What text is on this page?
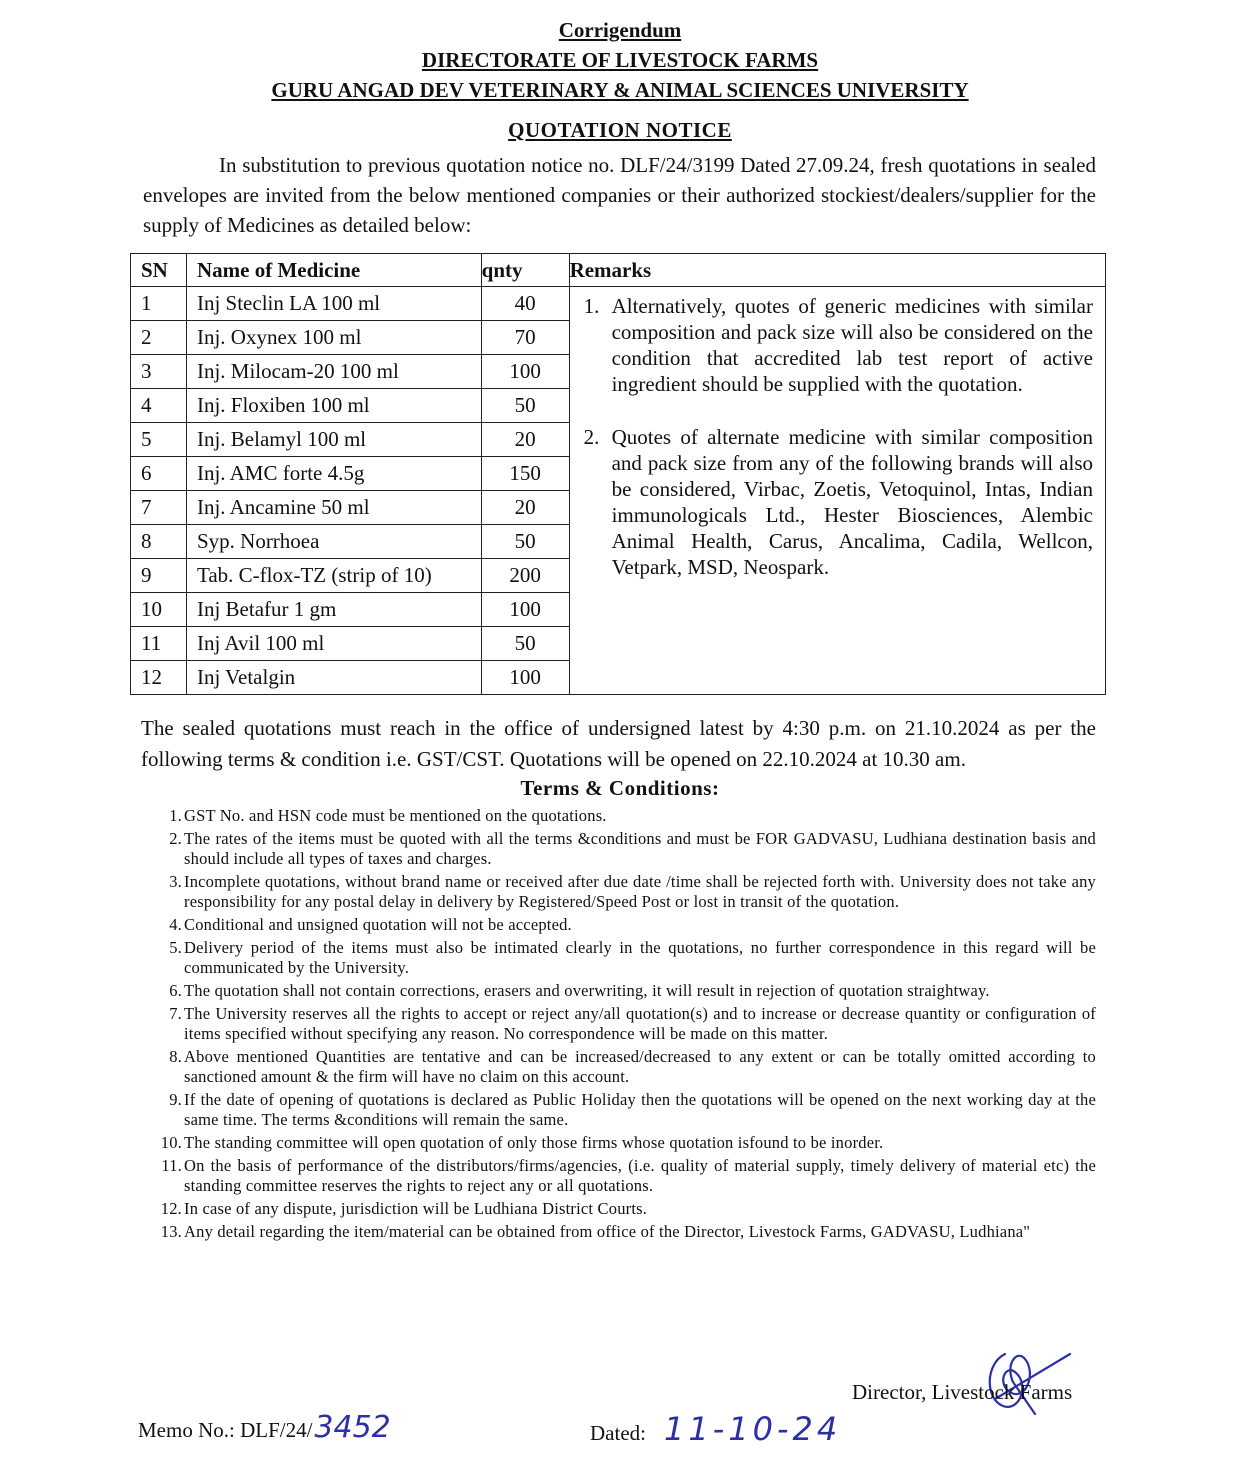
Corrigendum
DIRECTORATE OF LIVESTOCK FARMS
GURU ANGAD DEV VETERINARY & ANIMAL SCIENCES UNIVERSITY
QUOTATION NOTICE
In substitution to previous quotation notice no. DLF/24/3199 Dated 27.09.24, fresh quotations in sealed envelopes are invited from the below mentioned companies or their authorized stockiest/dealers/supplier for the supply of Medicines as detailed below:
SN	Name of Medicine	qnty	Remarks
1	Inj Steclin LA 100 ml	40	1. Alternatively, quotes of generic medicines with similar composition and pack size will also be considered on the condition that accredited lab test report of active ingredient should be supplied with the quotation.
2. Quotes of alternate medicine with similar composition and pack size from any of the following brands will also be considered, Virbac, Zoetis, Vetoquinol, Intas, Indian immunologicals Ltd., Hester Biosciences, Alembic Animal Health, Carus, Ancalima, Cadila, Wellcon, Vetpark, MSD, Neospark.

2	Inj. Oxynex 100 ml	70	
3	Inj. Milocam-20 100 ml	100	
4	Inj. Floxiben 100 ml	50	
5	Inj. Belamyl 100 ml	20	
6	Inj. AMC forte 4.5g	150	
7	Inj. Ancamine 50 ml	20	
8	Syp. Norrhoea	50	
9	Tab. C-flox-TZ (strip of 10)	200	
10	Inj Betafur 1 gm	100	
11	Inj Avil 100 ml	50	
12	Inj Vetalgin	100	
The sealed quotations must reach in the office of undersigned latest by 4:30 p.m. on 21.10.2024 as per the following terms & condition i.e. GST/CST. Quotations will be opened on 22.10.2024 at 10.30 am.
Terms & Conditions:
1. GST No. and HSN code must be mentioned on the quotations.
2. The rates of the items must be quoted with all the terms &conditions and must be FOR GADVASU, Ludhiana destination basis and should include all types of taxes and charges.
3. Incomplete quotations, without brand name or received after due date /time shall be rejected forth with. University does not take any responsibility for any postal delay in delivery by Registered/Speed Post or lost in transit of the quotation.
4. Conditional and unsigned quotation will not be accepted.
5. Delivery period of the items must also be intimated clearly in the quotations, no further correspondence in this regard will be communicated by the University.
6. The quotation shall not contain corrections, erasers and overwriting, it will result in rejection of quotation straightway.
7. The University reserves all the rights to accept or reject any/all quotation(s) and to increase or decrease quantity or configuration of items specified without specifying any reason. No correspondence will be made on this matter.
8. Above mentioned Quantities are tentative and can be increased/decreased to any extent or can be totally omitted according to sanctioned amount & the firm will have no claim on this account.
9. If the date of opening of quotations is declared as Public Holiday then the quotations will be opened on the next working day at the same time. The terms &conditions will remain the same.
10. The standing committee will open quotation of only those firms whose quotation isfound to be inorder.
11. On the basis of performance of the distributors/firms/agencies, (i.e. quality of material supply, timely delivery of material etc) the standing committee reserves the rights to reject any or all quotations.
12. In case of any dispute, jurisdiction will be Ludhiana District Courts.
13. Any detail regarding the item/material can be obtained from office of the Director, Livestock Farms, GADVASU, Ludhiana"
Director, Livestock Farms
Memo No.: DLF/24/3452	Dated: 11-10-24
